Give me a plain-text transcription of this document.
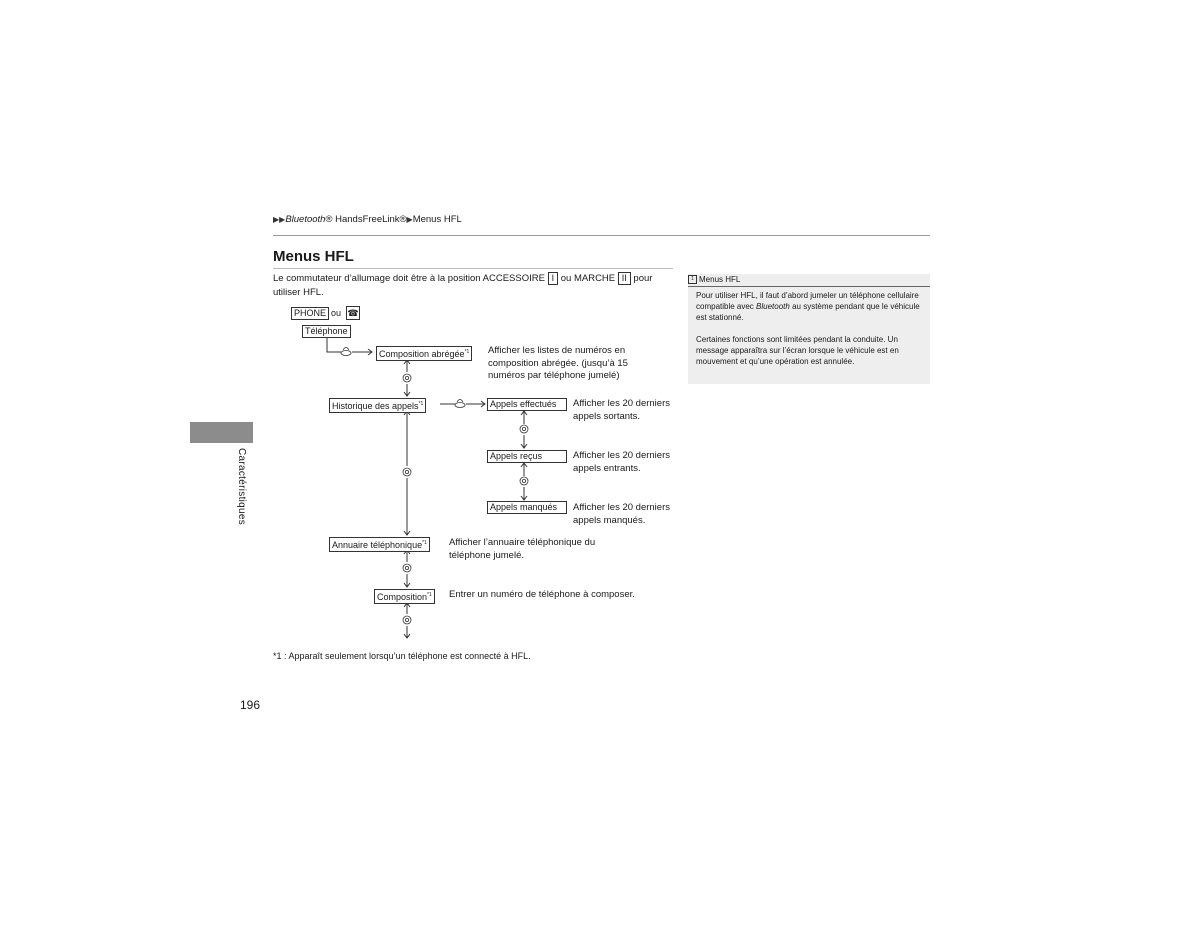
▶▶Bluetooth® HandsFreeLink®▶Menus HFL
Menus HFL
Le commutateur d’allumage doit être à la position ACCESSOIRE I ou MARCHE II pour utiliser HFL.
PHONE ou ☎
Téléphone
Composition abrégée$^{*1}$	Afficher les listes de numéros en composition abrégée. (jusqu’à 15 numéros par téléphone jumelé)
Historique des appels$^{*1}$	Appels effectués	Afficher les 20 derniers appels sortants.
Appels reçus	Afficher les 20 derniers appels entrants.
Appels manqués	Afficher les 20 derniers appels manqués.
Annuaire téléphonique$^{*1}$	Afficher l’annuaire téléphonique du téléphone jumelé.
Composition$^{*1}$	Entrer un numéro de téléphone à composer.
*1 : Apparaît seulement lorsqu’un téléphone est connecté à HFL.
196
Caractéristiques
1 Menus HFL
Pour utiliser HFL, il faut d’abord jumeler un téléphone cellulaire compatible avec Bluetooth au système pendant que le véhicule est stationné.
Certaines fonctions sont limitées pendant la conduite. Un message apparaîtra sur l’écran lorsque le véhicule est en mouvement et qu’une opération est annulée.
